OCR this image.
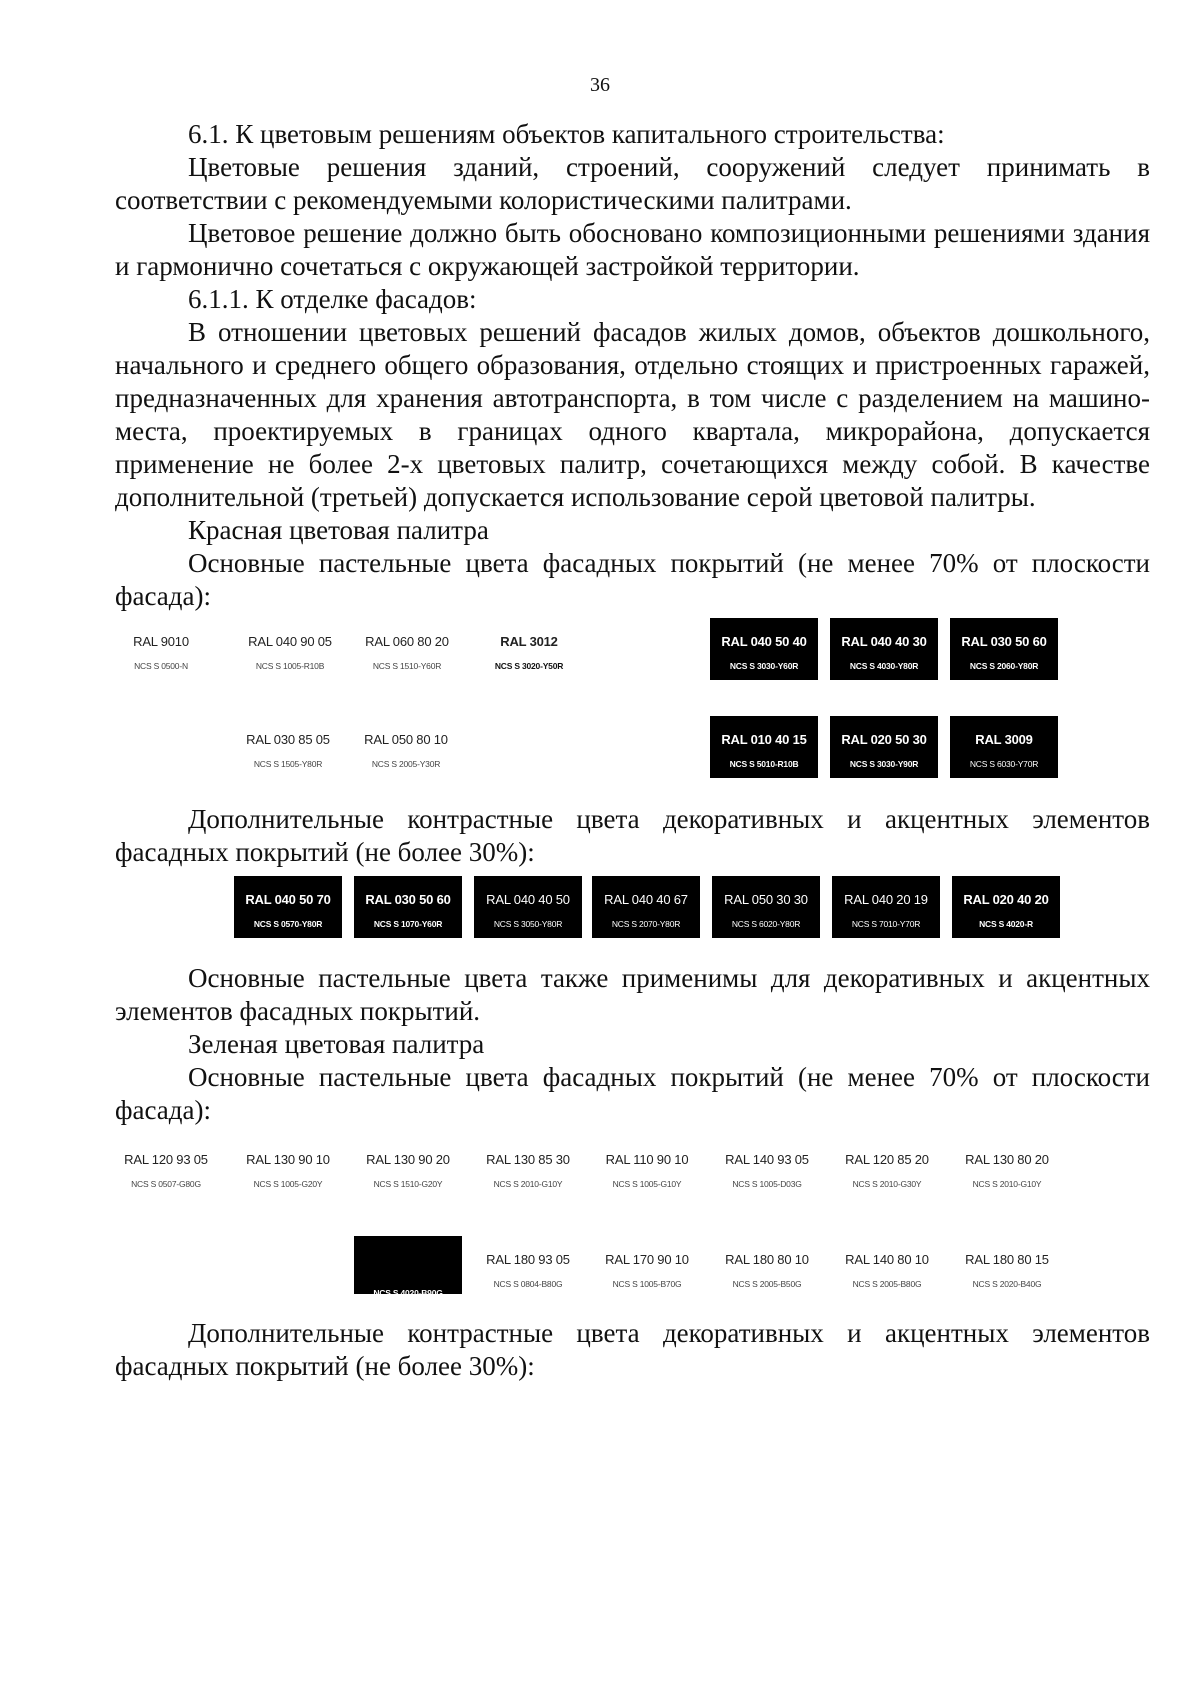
36

6.1. К цветовым решениям объектов капитального строительства:

Цветовые решения зданий, строений, сооружений следует принимать в соответствии с рекомендуемыми колористическими палитрами.

Цветовое решение должно быть обосновано композиционными решениями здания и гармонично сочетаться с окружающей застройкой территории.

6.1.1. К отделке фасадов:

В отношении цветовых решений фасадов жилых домов, объектов дошкольного, начального и среднего общего образования, отдельно стоящих и пристроенных гаражей, предназначенных для хранения автотранспорта, в том числе с разделением на машино-места, проектируемых в границах одного квартала, микрорайона, допускается применение не более 2-х цветовых палитр, сочетающихся между собой. В качестве дополнительной (третьей) допускается использование серой цветовой палитры.

Красная цветовая палитра

Основные пастельные цвета фасадных покрытий (не менее 70% от плоскости фасада):

RAL 9010
NCS S 0500-N
RAL 040 90 05
NCS S 1005-R10B
RAL 060 80 20
NCS S 1510-Y60R
RAL 3012
NCS S 3020-Y50R
RAL 040 50 40
NCS S 3030-Y60R
RAL 040 40 30
NCS S 4030-Y80R
RAL 030 50 60
NCS S 2060-Y80R
RAL 030 85 05
NCS S 1505-Y80R
RAL 050 80 10
NCS S 2005-Y30R
RAL 010 40 15
NCS S 5010-R10B
RAL 020 50 30
NCS S 3030-Y90R
RAL 3009
NCS S 6030-Y70R

Дополнительные контрастные цвета декоративных и акцентных элементов фасадных покрытий (не более 30%):

RAL 040 50 70
NCS S 0570-Y80R
RAL 030 50 60
NCS S 1070-Y60R
RAL 040 40 50
NCS S 3050-Y80R
RAL 040 40 67
NCS S 2070-Y80R
RAL 050 30 30
NCS S 6020-Y80R
RAL 040 20 19
NCS S 7010-Y70R
RAL 020 40 20
NCS S 4020-R

Основные пастельные цвета также применимы для декоративных и акцентных элементов фасадных покрытий.

Зеленая цветовая палитра

Основные пастельные цвета фасадных покрытий (не менее 70% от плоскости фасада):

RAL 120 93 05
NCS S 0507-G80G
RAL 130 90 10
NCS S 1005-G20Y
RAL 130 90 20
NCS S 1510-G20Y
RAL 130 85 30
NCS S 2010-G10Y
RAL 110 90 10
NCS S 1005-G10Y
RAL 140 93 05
NCS S 1005-D03G
RAL 120 85 20
NCS S 2010-G30Y
RAL 130 80 20
NCS S 2010-G10Y
NCS S 4020-B90G
RAL 180 93 05
NCS S 0804-B80G
RAL 170 90 10
NCS S 1005-B70G
RAL 180 80 10
NCS S 2005-B50G
RAL 140 80 10
NCS S 2005-B80G
RAL 180 80 15
NCS S 2020-B40G

Дополнительные контрастные цвета декоративных и акцентных элементов фасадных покрытий (не более 30%):
